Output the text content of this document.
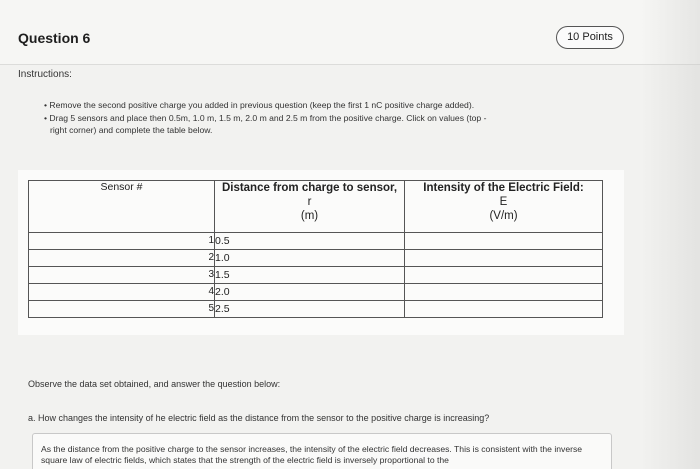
Question 6	10 Points
Instructions:

• Remove the second positive charge you added in previous question (keep the first 1 nC positive charge added).

• Drag 5 sensors and place then 0.5m, 1.0 m, 1.5 m, 2.0 m and 2.5 m from the positive charge. Click on values (top -

right corner) and complete the table below.

Sensor #	Distance from charge to sensor,
r
(m)	Intensity of the Electric Field:
E
(V/m)

1	0.5	
2	1.0	
3	1.5	
4	2.0	
5	2.5	
Observe the data set obtained, and answer the question below:
a. How changes the intensity of he electric field as the distance from the sensor to the positive charge is increasing?
As the distance from the positive charge to the sensor increases, the intensity of the electric field decreases. This is consistent with the inverse square law of electric fields, which states that the strength of the electric field is inversely proportional to the
